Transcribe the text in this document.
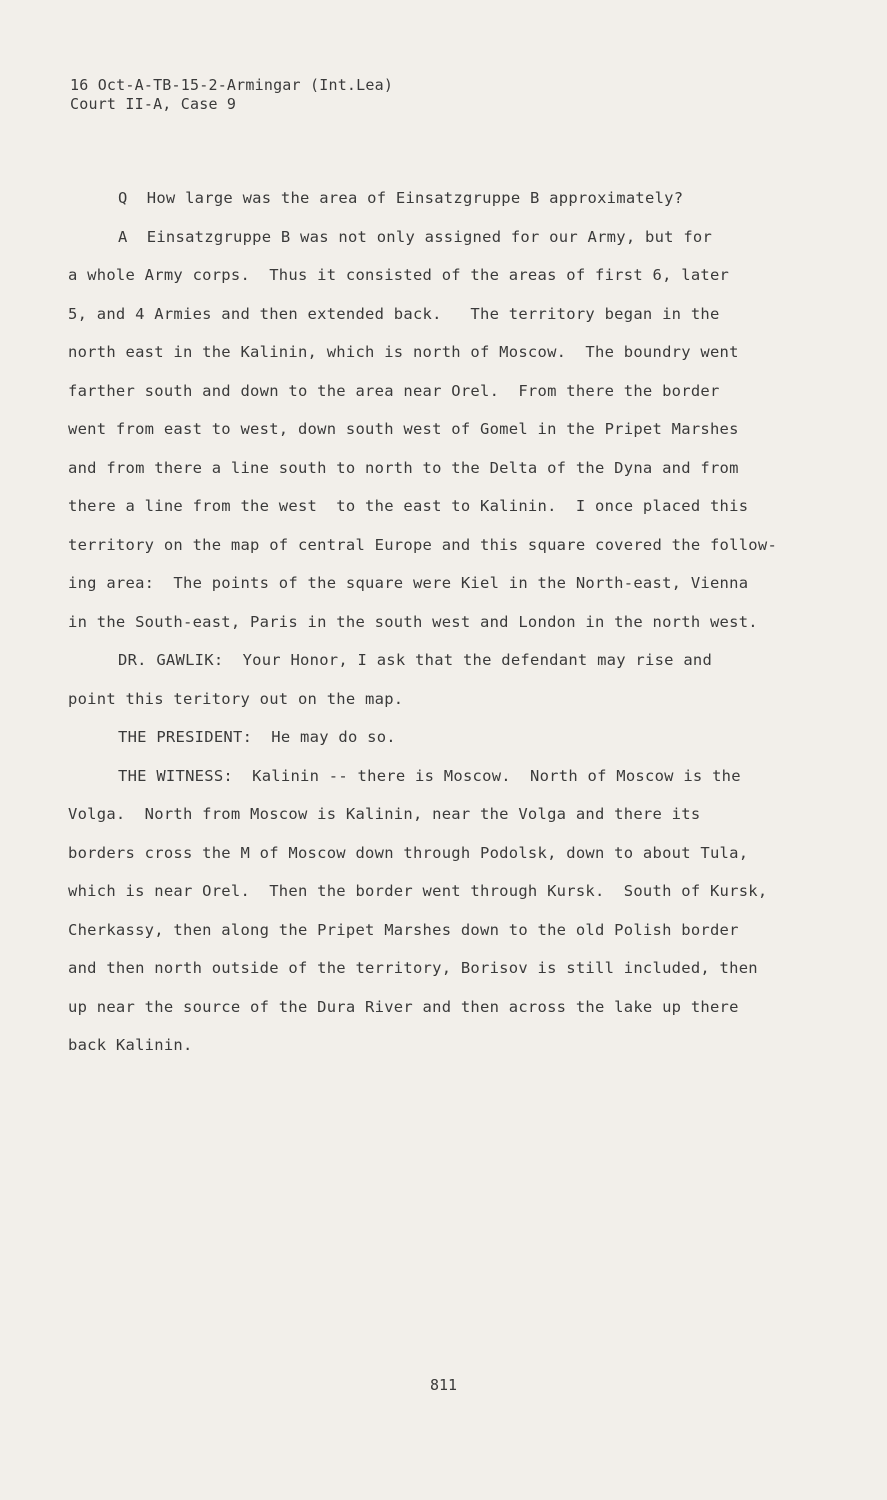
16 Oct-A-TB-15-2-Armingar (Int.Lea)
Court II-A, Case 9
Q  How large was the area of Einsatzgruppe B approximately?
A  Einsatzgruppe B was not only assigned for our Army, but for
a whole Army corps.  Thus it consisted of the areas of first 6, later
5, and 4 Armies and then extended back.   The territory began in the
north east in the Kalinin, which is north of Moscow.  The boundry went
farther south and down to the area near Orel.  From there the border
went from east to west, down south west of Gomel in the Pripet Marshes
and from there a line south to north to the Delta of the Dyna and from
there a line from the west  to the east to Kalinin.  I once placed this
territory on the map of central Europe and this square covered the follow-
ing area:  The points of the square were Kiel in the North-east, Vienna
in the South-east, Paris in the south west and London in the north west.
DR. GAWLIK:  Your Honor, I ask that the defendant may rise and
point this teritory out on the map.
THE PRESIDENT:  He may do so.
THE WITNESS:  Kalinin -- there is Moscow.  North of Moscow is the
Volga.  North from Moscow is Kalinin, near the Volga and there its
borders cross the M of Moscow down through Podolsk, down to about Tula,
which is near Orel.  Then the border went through Kursk.  South of Kursk,
Cherkassy, then along the Pripet Marshes down to the old Polish border
and then north outside of the territory, Borisov is still included, then
up near the source of the Dura River and then across the lake up there
back Kalinin.
811
